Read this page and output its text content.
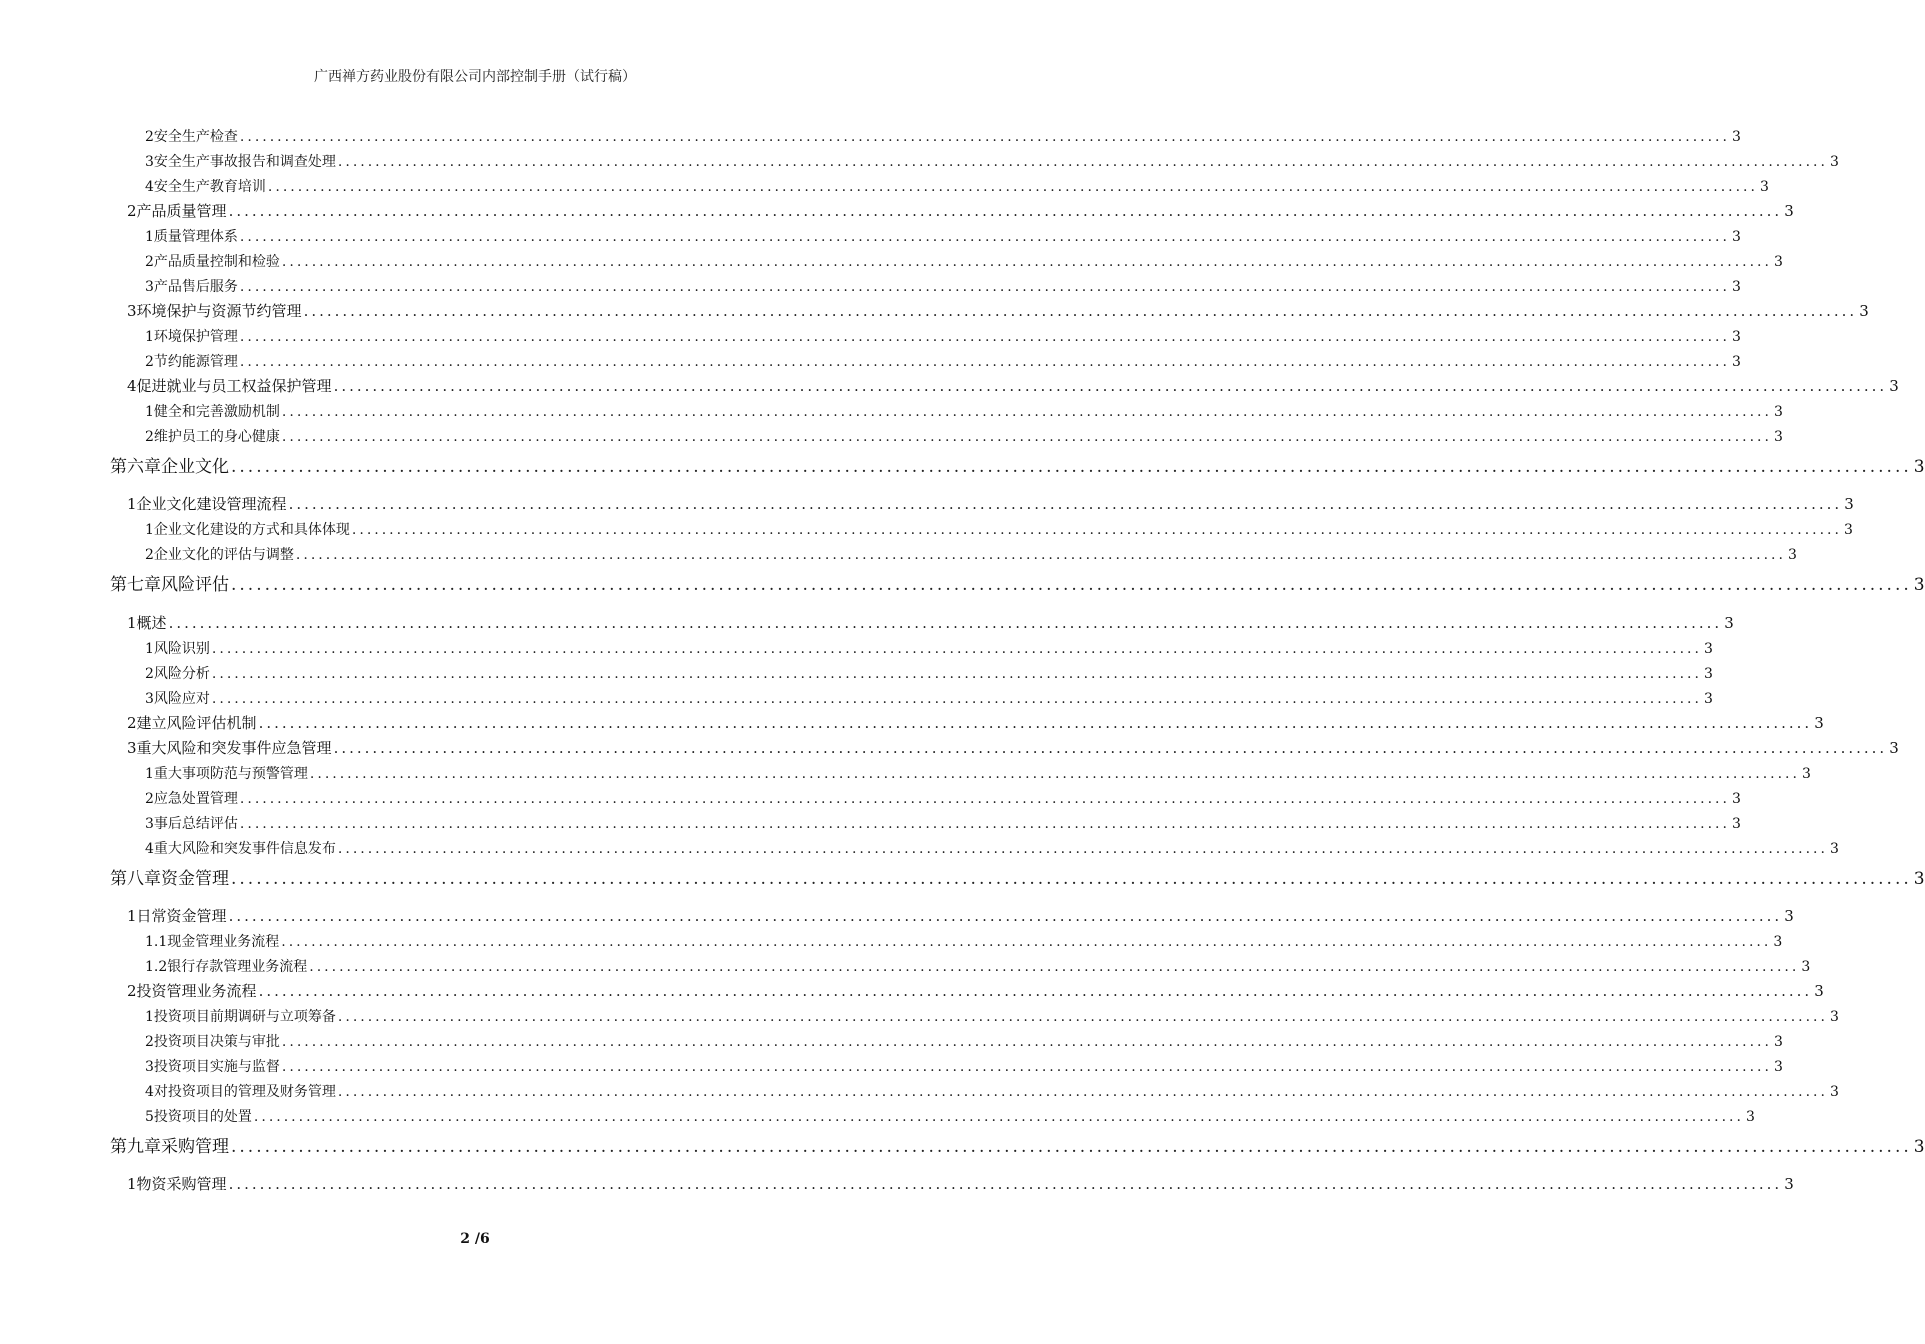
广西禅方药业股份有限公司内部控制手册（试行稿）
2 安全生产检查 ........................................................................................................................................................................................................ 3
3 安全生产事故报告和调查处理 ........................................................................................................................................................................................................ 3
4 安全生产教育培训 ........................................................................................................................................................................................................ 3
2 产品质量管理 ........................................................................................................................................................................................................ 3
1 质量管理体系 ........................................................................................................................................................................................................ 3
2 产品质量控制和检验 ........................................................................................................................................................................................................ 3
3 产品售后服务 ........................................................................................................................................................................................................ 3
3 环境保护与资源节约管理 ........................................................................................................................................................................................................ 3
1 环境保护管理 ........................................................................................................................................................................................................ 3
2 节约能源管理 ........................................................................................................................................................................................................ 3
4 促进就业与员工权益保护管理 ........................................................................................................................................................................................................ 3
1 健全和完善激励机制 ........................................................................................................................................................................................................ 3
2 维护员工的身心健康 ........................................................................................................................................................................................................ 3
第六章 企业文化 ........................................................................................................................................................................................................ 3
1 企业文化建设管理流程 ........................................................................................................................................................................................................ 3
1 企业文化建设的方式和具体体现 ........................................................................................................................................................................................................ 3
2 企业文化的评估与调整 ........................................................................................................................................................................................................ 3
第七章 风险评估 ........................................................................................................................................................................................................ 3
1 概述 ........................................................................................................................................................................................................ 3
1 风险识别 ........................................................................................................................................................................................................ 3
2 风险分析 ........................................................................................................................................................................................................ 3
3 风险应对 ........................................................................................................................................................................................................ 3
2 建立风险评估机制 ........................................................................................................................................................................................................ 3
3 重大风险和突发事件应急管理 ........................................................................................................................................................................................................ 3
1 重大事项防范与预警管理 ........................................................................................................................................................................................................ 3
2 应急处置管理 ........................................................................................................................................................................................................ 3
3 事后总结评估 ........................................................................................................................................................................................................ 3
4 重大风险和突发事件信息发布 ........................................................................................................................................................................................................ 3
第八章 资金管理 ........................................................................................................................................................................................................ 3
1 日常资金管理 ........................................................................................................................................................................................................ 3
1.1 现金管理业务流程 ........................................................................................................................................................................................................ 3
1.2 银行存款管理业务流程 ........................................................................................................................................................................................................ 3
2 投资管理业务流程 ........................................................................................................................................................................................................ 3
1 投资项目前期调研与立项筹备 ........................................................................................................................................................................................................ 3
2 投资项目决策与审批 ........................................................................................................................................................................................................ 3
3 投资项目实施与监督 ........................................................................................................................................................................................................ 3
4 对投资项目的管理及财务管理 ........................................................................................................................................................................................................ 3
5 投资项目的处置 ........................................................................................................................................................................................................ 3
第九章 采购管理 ........................................................................................................................................................................................................ 3
1 物资采购管理 ........................................................................................................................................................................................................ 3
2 /6
